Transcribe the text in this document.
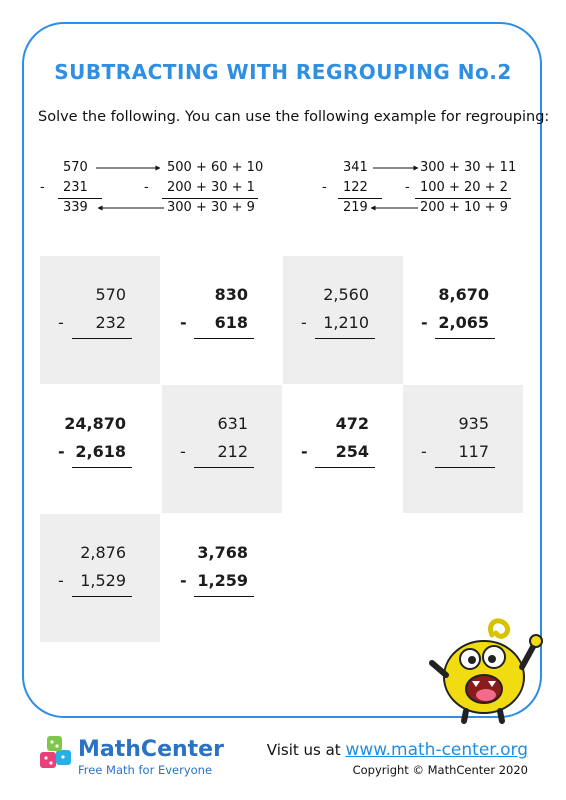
SUBTRACTING WITH REGROUPING No.2
Solve the following. You can use the following example for regrouping:
570
- 231
339
500 + 60 + 10
- 200 + 30 + 1
300 + 30 + 9
341
- 122
219
300 + 30 + 11
- 100 + 20 + 2
200 + 10 + 9
570
- 232
830
- 618
2,560
- 1,210
8,670
- 2,065
24,870
- 2,618
631
- 212
472
- 254
935
- 117
2,876
- 1,529
3,768
- 1,259
MathCenter
Free Math for Everyone
Visit us at www.math-center.org
Copyright © MathCenter 2020
